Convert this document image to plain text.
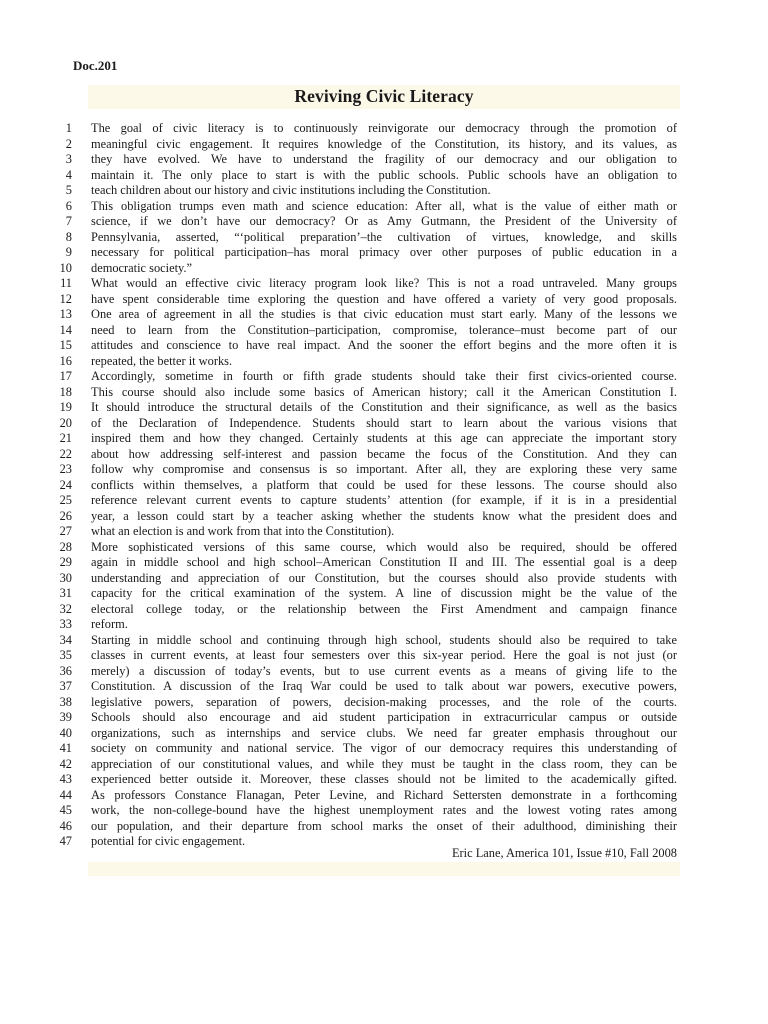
Doc.201
Reviving Civic Literacy
1
2
3
4
5
6
7
8
9
10
11
12
13
14
15
16
17
18
19
20
21
22
23
24
25
26
27
28
29
30
31
32
33
34
35
36
37
38
39
40
41
42
43
44
45
46
47
The goal of civic literacy is to continuously reinvigorate our democracy through the promotion of
meaningful civic engagement. It requires knowledge of the Constitution, its history, and its values, as
they have evolved. We have to understand the fragility of our democracy and our obligation to
maintain it. The only place to start is with the public schools. Public schools have an obligation to
teach children about our history and civic institutions including the Constitution.
This obligation trumps even math and science education: After all, what is the value of either math or
science, if we don’t have our democracy? Or as Amy Gutmann, the President of the University of
Pennsylvania, asserted, “‘political preparation’–the cultivation of virtues, knowledge, and skills
necessary for political participation–has moral primacy over other purposes of public education in a
democratic society.”
What would an effective civic literacy program look like? This is not a road untraveled. Many groups
have spent considerable time exploring the question and have offered a variety of very good proposals.
One area of agreement in all the studies is that civic education must start early. Many of the lessons we
need to learn from the Constitution–participation, compromise, tolerance–must become part of our
attitudes and conscience to have real impact. And the sooner the effort begins and the more often it is
repeated, the better it works.
Accordingly, sometime in fourth or fifth grade students should take their first civics-oriented course.
This course should also include some basics of American history; call it the American Constitution I.
It should introduce the structural details of the Constitution and their significance, as well as the basics
of the Declaration of Independence. Students should start to learn about the various visions that
inspired them and how they changed. Certainly students at this age can appreciate the important story
about how addressing self-interest and passion became the focus of the Constitution. And they can
follow why compromise and consensus is so important. After all, they are exploring these very same
conflicts within themselves, a platform that could be used for these lessons. The course should also
reference relevant current events to capture students’ attention (for example, if it is in a presidential
year, a lesson could start by a teacher asking whether the students know what the president does and
what an election is and work from that into the Constitution).
More sophisticated versions of this same course, which would also be required, should be offered
again in middle school and high school–American Constitution II and III. The essential goal is a deep
understanding and appreciation of our Constitution, but the courses should also provide students with
capacity for the critical examination of the system. A line of discussion might be the value of the
electoral college today, or the relationship between the First Amendment and campaign finance
reform.
Starting in middle school and continuing through high school, students should also be required to take
classes in current events, at least four semesters over this six-year period. Here the goal is not just (or
merely) a discussion of today’s events, but to use current events as a means of giving life to the
Constitution. A discussion of the Iraq War could be used to talk about war powers, executive powers,
legislative powers, separation of powers, decision-making processes, and the role of the courts.
Schools should also encourage and aid student participation in extracurricular campus or outside
organizations, such as internships and service clubs. We need far greater emphasis throughout our
society on community and national service. The vigor of our democracy requires this understanding of
appreciation of our constitutional values, and while they must be taught in the class room, they can be
experienced better outside it. Moreover, these classes should not be limited to the academically gifted.
As professors Constance Flanagan, Peter Levine, and Richard Settersten demonstrate in a forthcoming
work, the non-college-bound have the highest unemployment rates and the lowest voting rates among
our population, and their departure from school marks the onset of their adulthood, diminishing their
potential for civic engagement.
Eric Lane, America 101, Issue #10, Fall 2008
